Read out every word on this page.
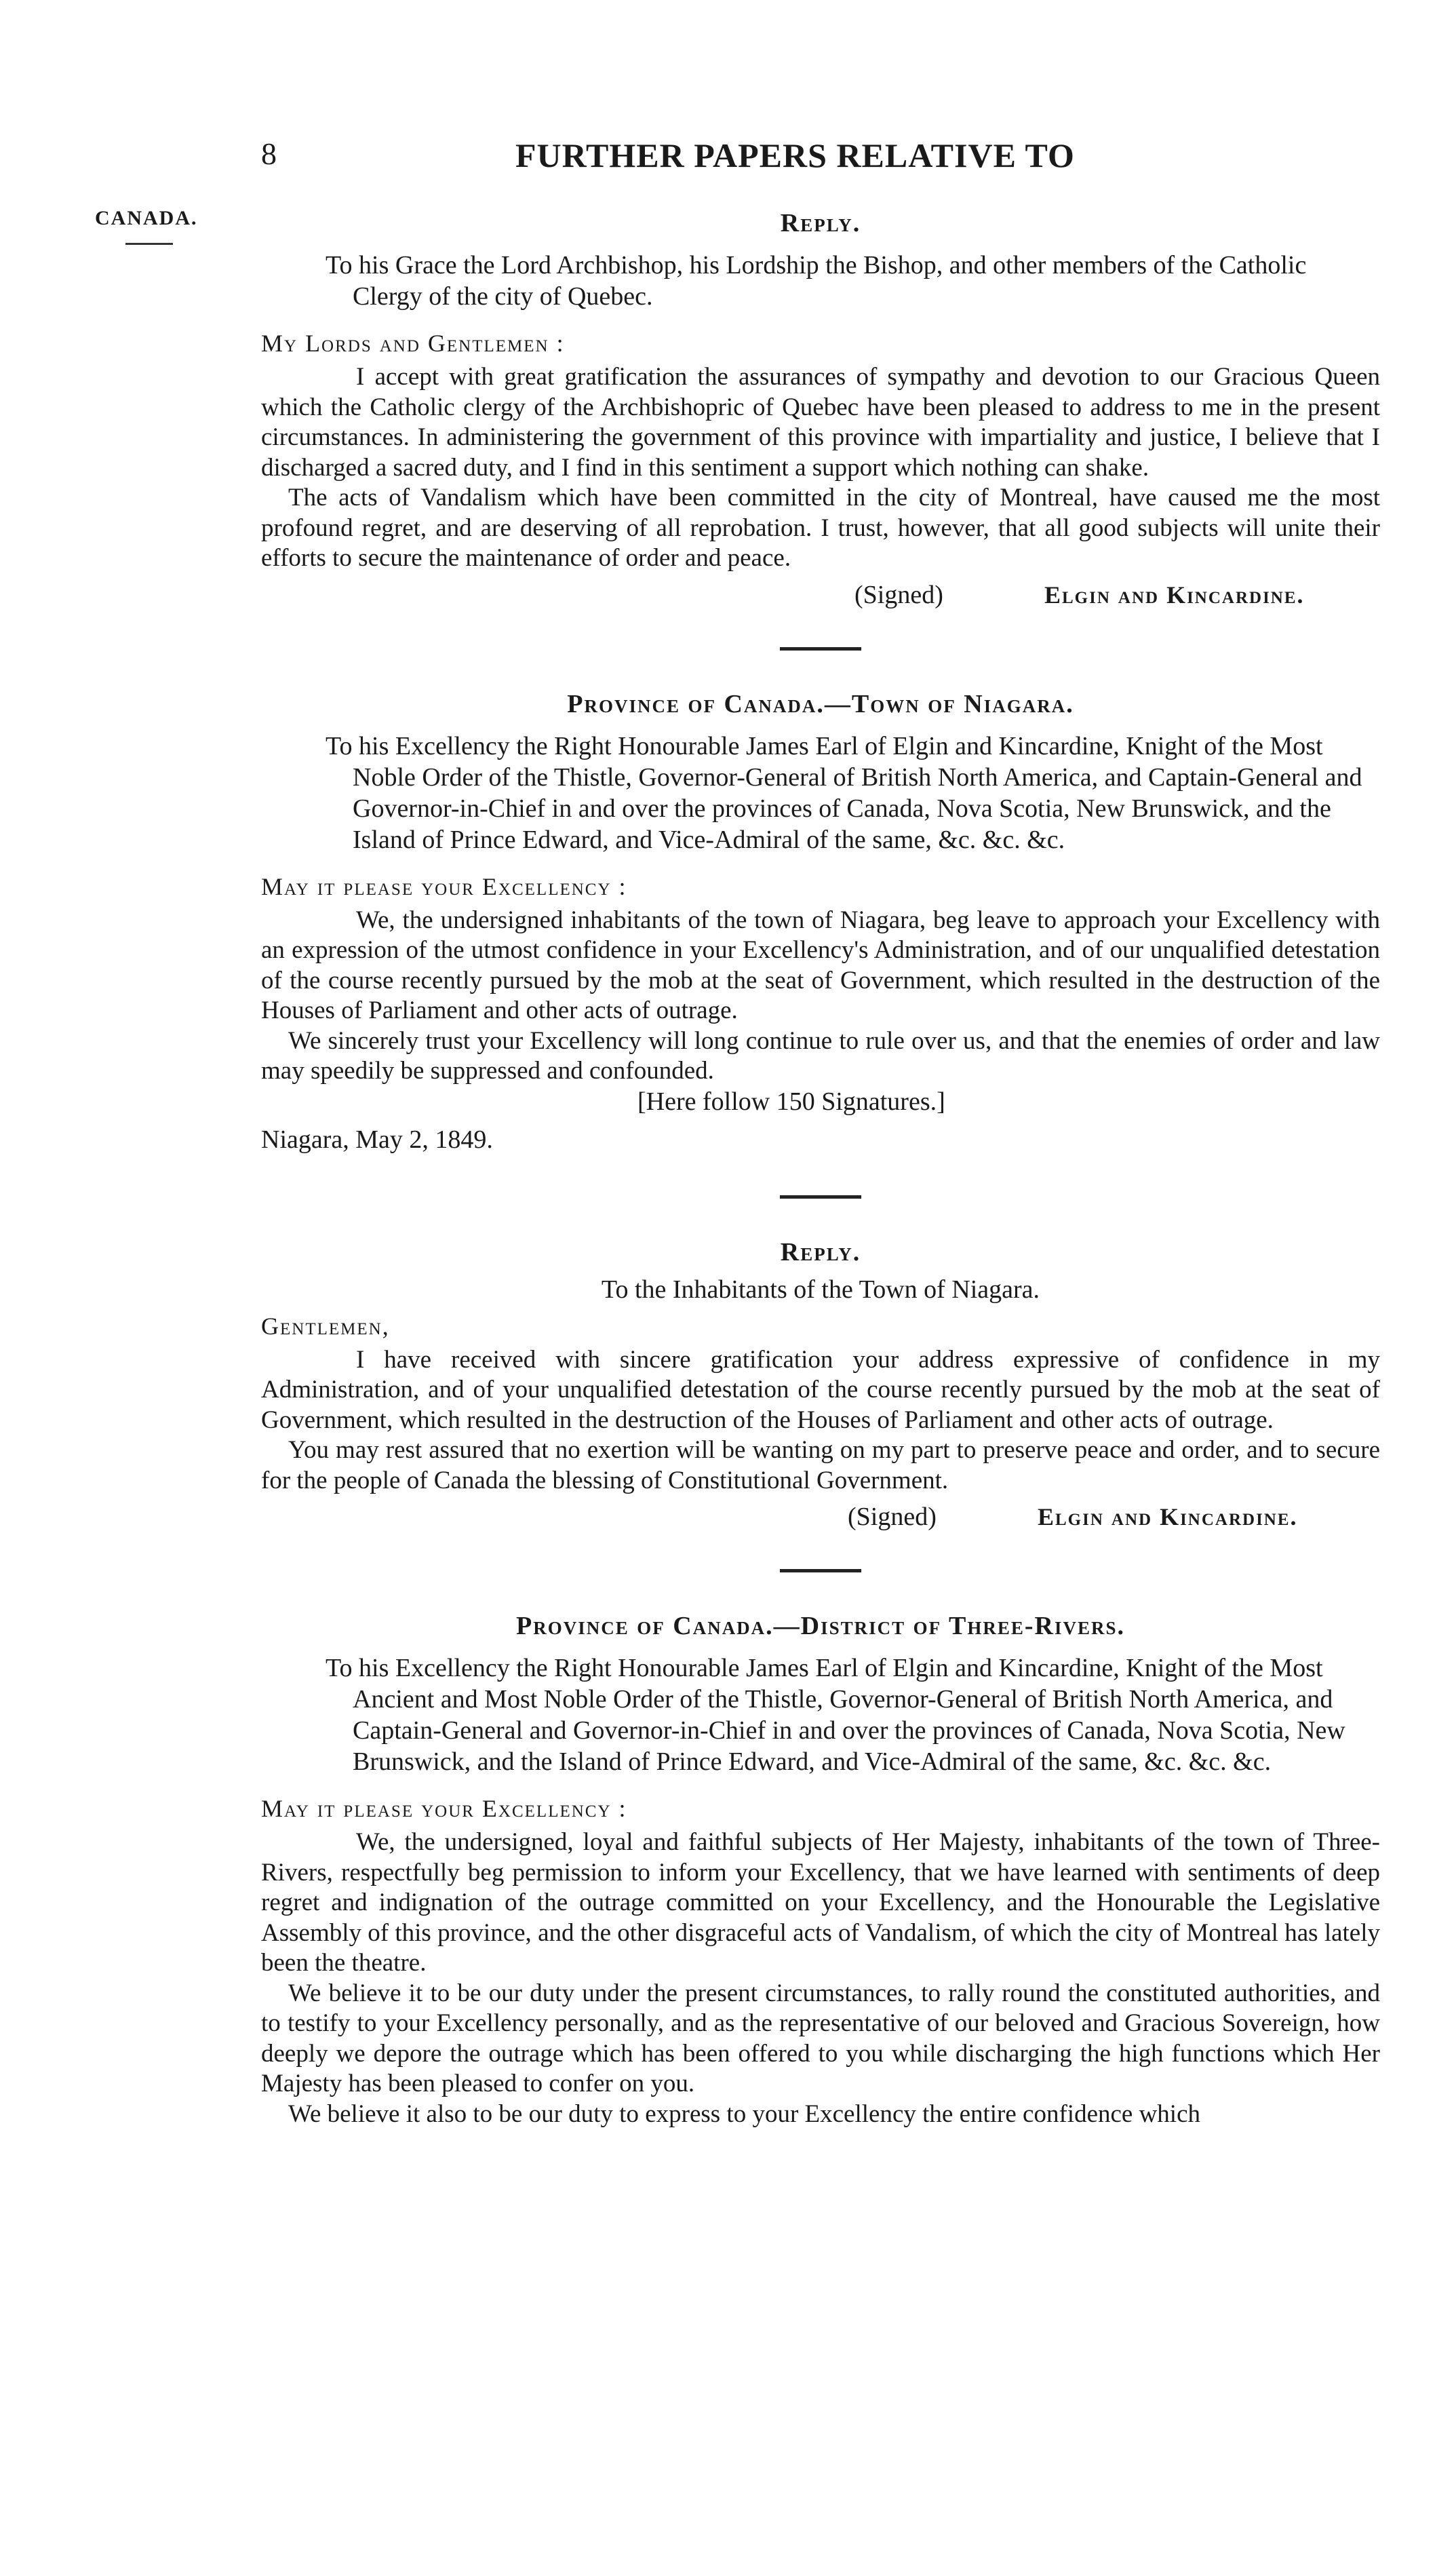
8	FURTHER PAPERS RELATIVE TO
CANADA.	Reply.

To his Grace the Lord Archbishop, his Lordship the Bishop, and other members of the Catholic Clergy of the city of Quebec.

My Lords and Gentlemen :

I accept with great gratification the assurances of sympathy and devotion to our Gracious Queen which the Catholic clergy of the Archbishopric of Quebec have been pleased to address to me in the present circumstances. In administering the government of this province with impartiality and justice, I believe that I discharged a sacred duty, and I find in this sentiment a support which nothing can shake.

The acts of Vandalism which have been committed in the city of Montreal, have caused me the most profound regret, and are deserving of all reprobation. I trust, however, that all good subjects will unite their efforts to secure the maintenance of order and peace.

(Signed)	Elgin and Kincardine.
Province of Canada.—Town of Niagara.

To his Excellency the Right Honourable James Earl of Elgin and Kincardine, Knight of the Most Noble Order of the Thistle, Governor-General of British North America, and Captain-General and Governor-in-Chief in and over the provinces of Canada, Nova Scotia, New Brunswick, and the Island of Prince Edward, and Vice-Admiral of the same, &c. &c. &c.

May it please your Excellency :

We, the undersigned inhabitants of the town of Niagara, beg leave to approach your Excellency with an expression of the utmost confidence in your Excellency's Administration, and of our unqualified detestation of the course recently pursued by the mob at the seat of Government, which resulted in the destruction of the Houses of Parliament and other acts of outrage.

We sincerely trust your Excellency will long continue to rule over us, and that the enemies of order and law may speedily be suppressed and confounded.

[Here follow 150 Signatures.]
Niagara, May 2, 1849.
Reply.
To the Inhabitants of the Town of Niagara.
Gentlemen,

I have received with sincere gratification your address expressive of confidence in my Administration, and of your unqualified detestation of the course recently pursued by the mob at the seat of Government, which resulted in the destruction of the Houses of Parliament and other acts of outrage.

You may rest assured that no exertion will be wanting on my part to preserve peace and order, and to secure for the people of Canada the blessing of Constitutional Government.

(Signed)	Elgin and Kincardine.
Province of Canada.—District of Three-Rivers.

To his Excellency the Right Honourable James Earl of Elgin and Kincardine, Knight of the Most Ancient and Most Noble Order of the Thistle, Governor-General of British North America, and Captain-General and Governor-in-Chief in and over the provinces of Canada, Nova Scotia, New Brunswick, and the Island of Prince Edward, and Vice-Admiral of the same, &c. &c. &c.

May it please your Excellency :

We, the undersigned, loyal and faithful subjects of Her Majesty, inhabitants of the town of Three-Rivers, respectfully beg permission to inform your Excellency, that we have learned with sentiments of deep regret and indignation of the outrage committed on your Excellency, and the Honourable the Legislative Assembly of this province, and the other disgraceful acts of Vandalism, of which the city of Montreal has lately been the theatre.

We believe it to be our duty under the present circumstances, to rally round the constituted authorities, and to testify to your Excellency personally, and as the representative of our beloved and Gracious Sovereign, how deeply we depore the outrage which has been offered to you while discharging the high functions which Her Majesty has been pleased to confer on you.

We believe it also to be our duty to express to your Excellency the entire confidence which
